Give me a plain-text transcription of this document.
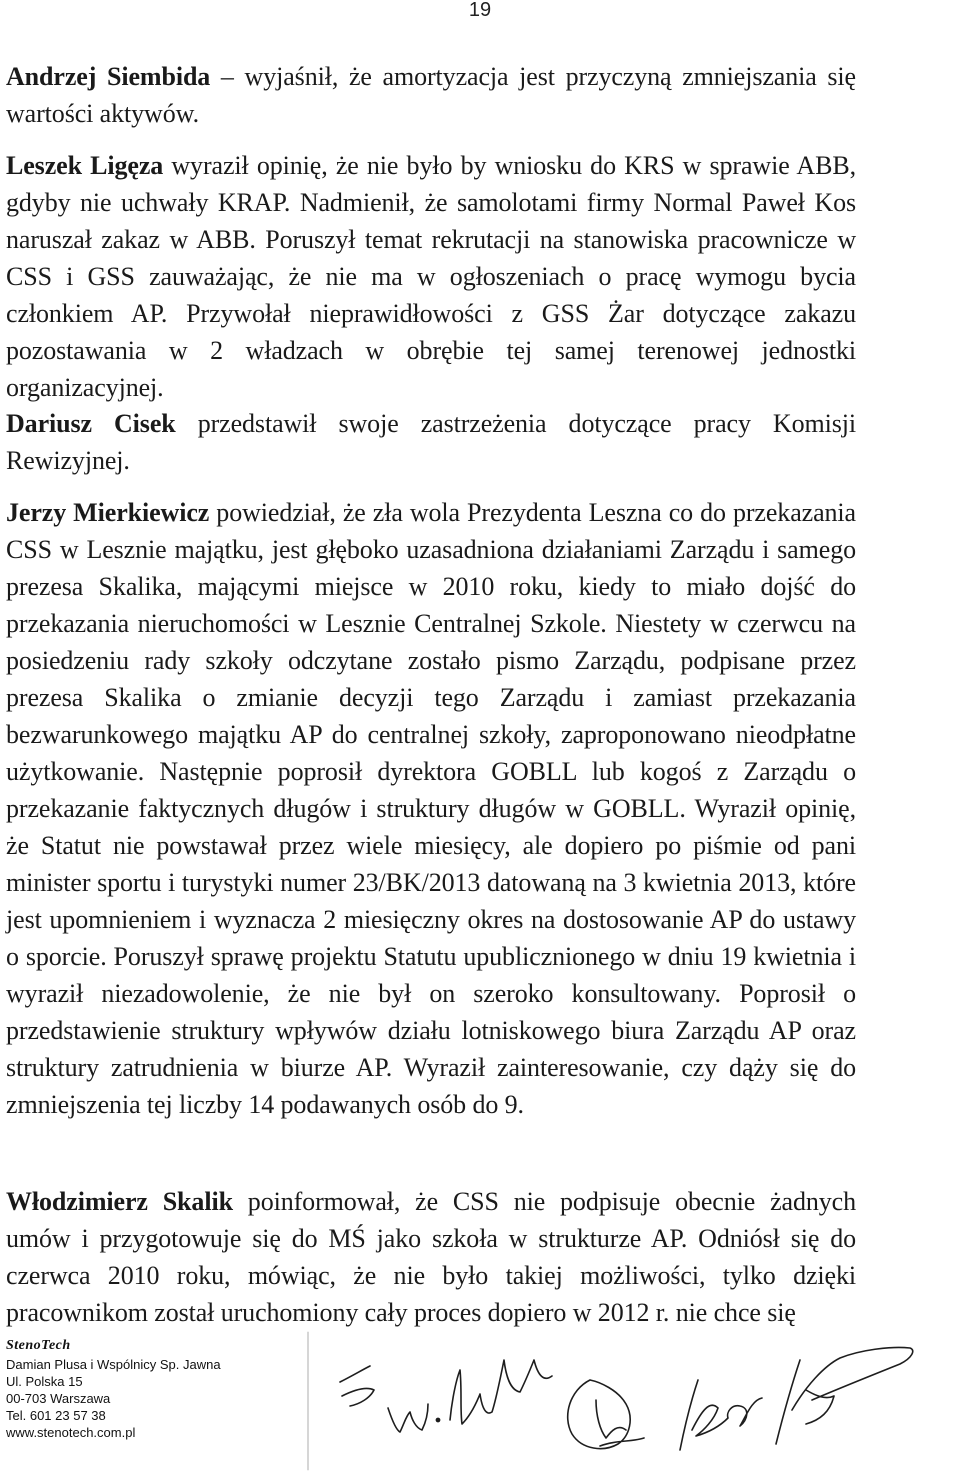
19

Andrzej Siembida – wyjaśnił, że amortyzacja jest przyczyną zmniejszania się wartości aktywów.

Leszek Ligęza wyraził opinię, że nie było by wniosku do KRS w sprawie ABB, gdyby nie uchwały KRAP. Nadmienił, że samolotami firmy Normal Paweł Kos naruszał zakaz w ABB. Poruszył temat rekrutacji na stanowiska pracownicze w CSS i GSS zauważając, że nie ma w ogłoszeniach o pracę wymogu bycia członkiem AP. Przywołał nieprawidłowości z GSS Żar dotyczące zakazu pozostawania w 2 władzach w obrębie tej samej terenowej jednostki organizacyjnej.

Dariusz Cisek przedstawił swoje zastrzeżenia dotyczące pracy Komisji Rewizyjnej.

Jerzy Mierkiewicz powiedział, że zła wola Prezydenta Leszna co do przekazania CSS w Lesznie majątku, jest głęboko uzasadniona działaniami Zarządu i samego prezesa Skalika, mającymi miejsce w 2010 roku, kiedy to miało dojść do przekazania nieruchomości w Lesznie Centralnej Szkole. Niestety w czerwcu na posiedzeniu rady szkoły odczytane zostało pismo Zarządu, podpisane przez prezesa Skalika o zmianie decyzji tego Zarządu i zamiast przekazania bezwarunkowego majątku AP do centralnej szkoły, zaproponowano nieodpłatne użytkowanie. Następnie poprosił dyrektora GOBLL lub kogoś z Zarządu o przekazanie faktycznych długów i struktury długów w GOBLL. Wyraził opinię, że Statut nie powstawał przez wiele miesięcy, ale dopiero po piśmie od pani minister sportu i turystyki numer 23/BK/2013 datowaną na 3 kwietnia 2013, które jest upomnieniem i wyznacza 2 miesięczny okres na dostosowanie AP do ustawy o sporcie. Poruszył sprawę projektu Statutu upublicznionego w dniu 19 kwietnia i wyraził niezadowolenie, że nie był on szeroko konsultowany. Poprosił o przedstawienie struktury wpływów działu lotniskowego biura Zarządu AP oraz struktury zatrudnienia w biurze AP. Wyraził zainteresowanie, czy dąży się do zmniejszenia tej liczby 14 podawanych osób do 9.

Włodzimierz Skalik poinformował, że CSS nie podpisuje obecnie żadnych umów i przygotowuje się do MŚ jako szkoła w strukturze AP. Odniósł się do czerwca 2010 roku, mówiąc, że nie było takiej możliwości, tylko dzięki pracownikom został uruchomiony cały proces dopiero w 2012 r. nie chce się

StenoTech
Damian Plusa i Wspólnicy Sp. Jawna
Ul. Polska 15
00-703 Warszawa
Tel. 601 23 57 38
www.stenotech.com.pl
